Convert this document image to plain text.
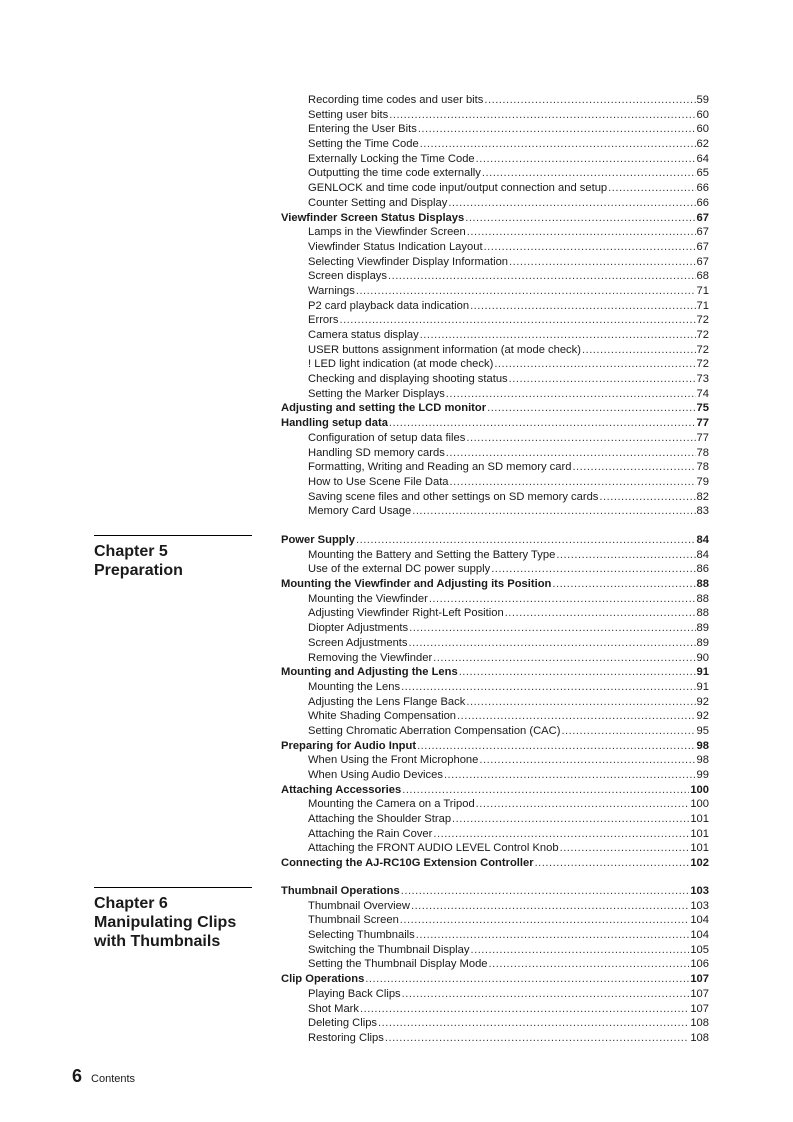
Recording time codes and user bits .....	59
Setting user bits .....	60
Entering the User Bits .....	60
Setting the Time Code .....	62
Externally Locking the Time Code .....	64
Outputting the time code externally .....	65
GENLOCK and time code input/output connection and setup .....	66
Counter Setting and Display .....	66
Viewfinder Screen Status Displays .....	67
Lamps in the Viewfinder Screen .....	67
Viewfinder Status Indication Layout .....	67
Selecting Viewfinder Display Information .....	67
Screen displays .....	68
Warnings .....	71
P2 card playback data indication .....	71
Errors .....	72
Camera status display .....	72
USER buttons assignment information (at mode check) .....	72
! LED light indication (at mode check) .....	72
Checking and displaying shooting status .....	73
Setting the Marker Displays .....	74
Adjusting and setting the LCD monitor .....	75
Handling setup data .....	77
Configuration of setup data files .....	77
Handling SD memory cards .....	78
Formatting, Writing and Reading an SD memory card .....	78
How to Use Scene File Data .....	79
Saving scene files and other settings on SD memory cards .....	82
Memory Card Usage .....	83
Chapter 5
Preparation
Power Supply .....	84
Mounting the Battery and Setting the Battery Type .....	84
Use of the external DC power supply .....	86
Mounting the Viewfinder and Adjusting its Position .....	88
Mounting the Viewfinder .....	88
Adjusting Viewfinder Right-Left Position .....	88
Diopter Adjustments .....	89
Screen Adjustments .....	89
Removing the Viewfinder .....	90
Mounting and Adjusting the Lens .....	91
Mounting the Lens .....	91
Adjusting the Lens Flange Back .....	92
White Shading Compensation .....	92
Setting Chromatic Aberration Compensation (CAC) .....	95
Preparing for Audio Input .....	98
When Using the Front Microphone .....	98
When Using Audio Devices .....	99
Attaching Accessories .....	100
Mounting the Camera on a Tripod .....	100
Attaching the Shoulder Strap .....	101
Attaching the Rain Cover .....	101
Attaching the FRONT AUDIO LEVEL Control Knob .....	101
Connecting the AJ-RC10G Extension Controller .....	102
Chapter 6
Manipulating Clips
with Thumbnails
Thumbnail Operations .....	103
Thumbnail Overview .....	103
Thumbnail Screen .....	104
Selecting Thumbnails .....	104
Switching the Thumbnail Display .....	105
Setting the Thumbnail Display Mode .....	106
Clip Operations .....	107
Playing Back Clips .....	107
Shot Mark .....	107
Deleting Clips .....	108
Restoring Clips .....	108
6 Contents
